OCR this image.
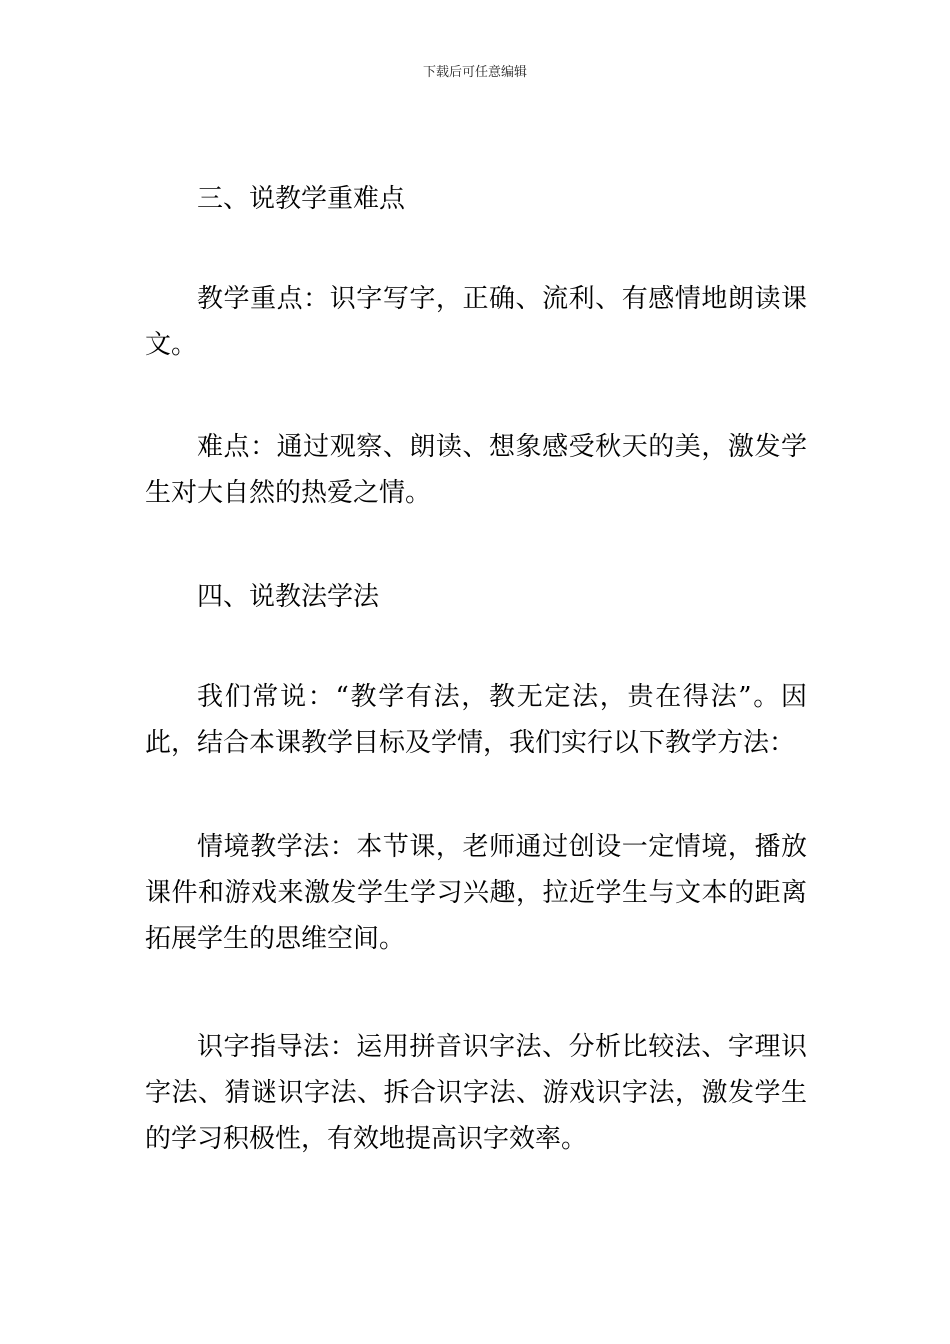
下载后可任意编辑

三、说教学重难点

教学重点：识字写字，正确、流利、有感情地朗读课文。

难点：通过观察、朗读、想象感受秋天的美，激发学生对大自然的热爱之情。

四、说教法学法

我们常说：“教学有法，教无定法，贵在得法”。因此，结合本课教学目标及学情，我们实行以下教学方法：

情境教学法：本节课，老师通过创设一定情境，播放课件和游戏来激发学生学习兴趣，拉近学生与文本的距离拓展学生的思维空间。

识字指导法：运用拼音识字法、分析比较法、字理识字法、猜谜识字法、拆合识字法、游戏识字法，激发学生的学习积极性，有效地提高识字效率。
